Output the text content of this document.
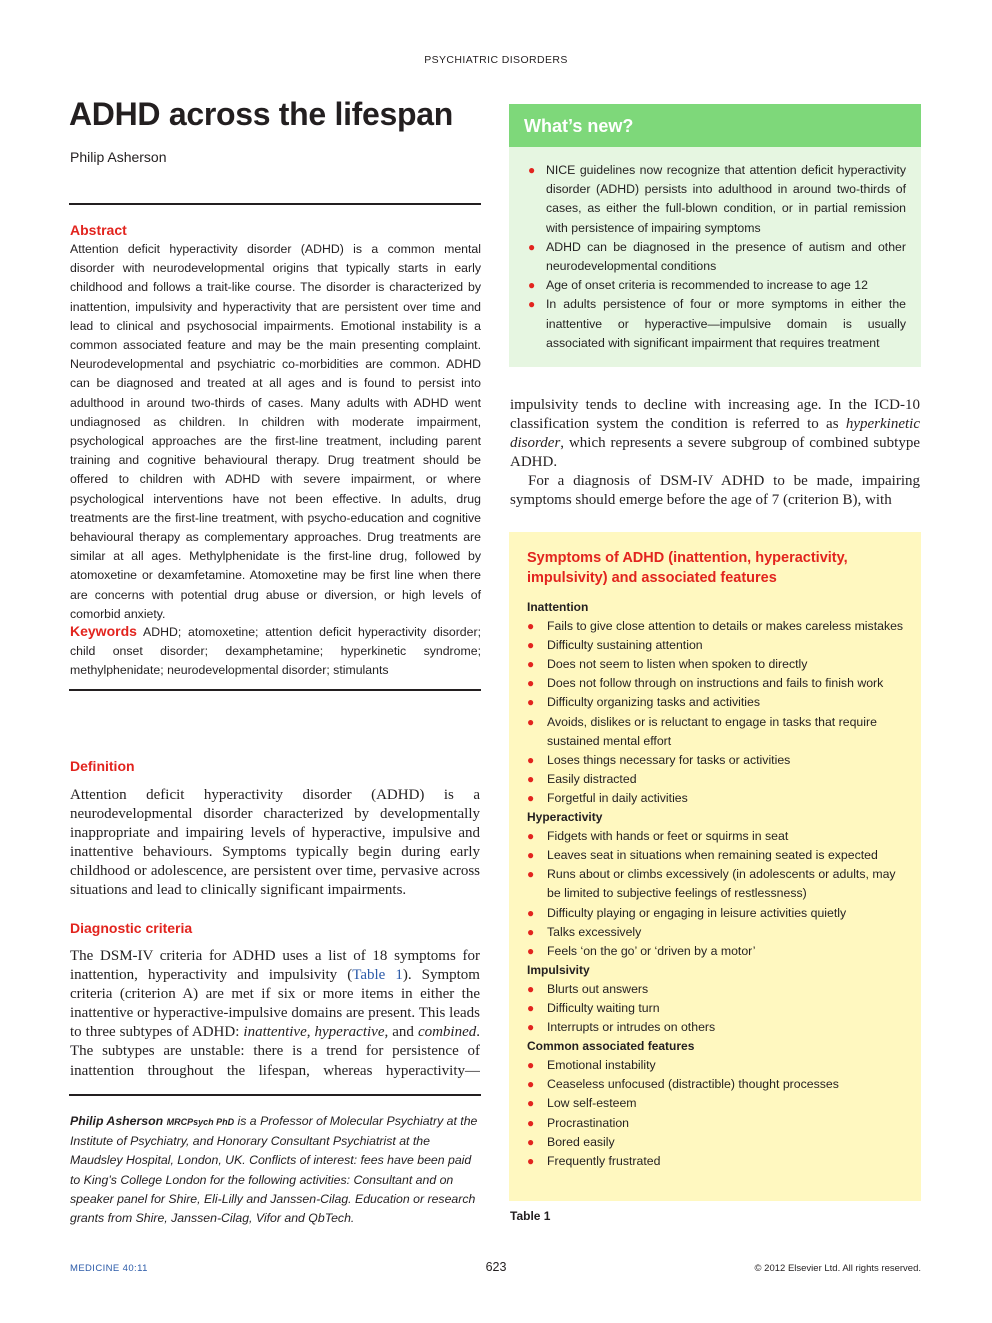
PSYCHIATRIC DISORDERS
ADHD across the lifespan
Philip Asherson
Abstract
Attention deficit hyperactivity disorder (ADHD) is a common mental disorder with neurodevelopmental origins that typically starts in early childhood and follows a trait-like course. The disorder is characterized by inattention, impulsivity and hyperactivity that are persistent over time and lead to clinical and psychosocial impairments. Emotional instability is a common associated feature and may be the main presenting complaint. Neurodevelopmental and psychiatric co-morbidities are common. ADHD can be diagnosed and treated at all ages and is found to persist into adulthood in around two-thirds of cases. Many adults with ADHD went undiagnosed as children. In children with moderate impairment, psychological approaches are the first-line treatment, including parent training and cognitive behavioural therapy. Drug treatment should be offered to children with ADHD with severe impairment, or where psychological interventions have not been effective. In adults, drug treatments are the first-line treatment, with psycho-education and cognitive behavioural therapy as complementary approaches. Drug treatments are similar at all ages. Methylphenidate is the first-line drug, followed by atomoxetine or dexamfetamine. Atomoxetine may be first line when there are concerns with potential drug abuse or diversion, or high levels of comorbid anxiety.
Keywords ADHD; atomoxetine; attention deficit hyperactivity disorder; child onset disorder; dexamphetamine; hyperkinetic syndrome; methylphenidate; neurodevelopmental disorder; stimulants
Definition
Attention deficit hyperactivity disorder (ADHD) is a neurodevelopmental disorder characterized by developmentally inappropriate and impairing levels of hyperactive, impulsive and inattentive behaviours. Symptoms typically begin during early childhood or adolescence, are persistent over time, pervasive across situations and lead to clinically significant impairments.
Diagnostic criteria

The DSM-IV criteria for ADHD uses a list of 18 symptoms for inattention, hyperactivity and impulsivity (Table 1). Symptom criteria (criterion A) are met if six or more items in either the inattentive or hyperactive-impulsive domains are present. This leads to three subtypes of ADHD: inattentive, hyperactive, and combined. The subtypes are unstable: there is a trend for persistence of inattention throughout the lifespan, whereas hyperactivity—

impulsivity tends to decline with increasing age. In the ICD-10 classification system the condition is referred to as hyperkinetic disorder, which represents a severe subgroup of combined subtype ADHD.

For a diagnosis of DSM-IV ADHD to be made, impairing symptoms should emerge before the age of 7 (criterion B), with

Philip Asherson MRCPsych PhD is a Professor of Molecular Psychiatry at the Institute of Psychiatry, and Honorary Consultant Psychiatrist at the Maudsley Hospital, London, UK. Conflicts of interest: fees have been paid to King’s College London for the following activities: Consultant and on speaker panel for Shire, Eli-Lilly and Janssen-Cilag. Education or research grants from Shire, Janssen-Cilag, Vifor and QbTech.
What’s new?
● NICE guidelines now recognize that attention deficit hyperactivity disorder (ADHD) persists into adulthood in around two-thirds of cases, as either the full-blown condition, or in partial remission with persistence of impairing symptoms
● ADHD can be diagnosed in the presence of autism and other neurodevelopmental conditions
● Age of onset criteria is recommended to increase to age 12
● In adults persistence of four or more symptoms in either the inattentive or hyperactive—impulsive domain is usually associated with significant impairment that requires treatment
Symptoms of ADHD (inattention, hyperactivity, impulsivity) and associated features
Inattention
● Fails to give close attention to details or makes careless mistakes
● Difficulty sustaining attention
● Does not seem to listen when spoken to directly
● Does not follow through on instructions and fails to finish work
● Difficulty organizing tasks and activities
● Avoids, dislikes or is reluctant to engage in tasks that require sustained mental effort
● Loses things necessary for tasks or activities
● Easily distracted
● Forgetful in daily activities
Hyperactivity
● Fidgets with hands or feet or squirms in seat
● Leaves seat in situations when remaining seated is expected
● Runs about or climbs excessively (in adolescents or adults, may be limited to subjective feelings of restlessness)
● Difficulty playing or engaging in leisure activities quietly
● Talks excessively
● Feels ‘on the go’ or ‘driven by a motor’
Impulsivity
● Blurts out answers
● Difficulty waiting turn
● Interrupts or intrudes on others
Common associated features
● Emotional instability
● Ceaseless unfocused (distractible) thought processes
● Low self-esteem
● Procrastination
● Bored easily
● Frequently frustrated
Table 1
MEDICINE 40:11	623	© 2012 Elsevier Ltd. All rights reserved.
